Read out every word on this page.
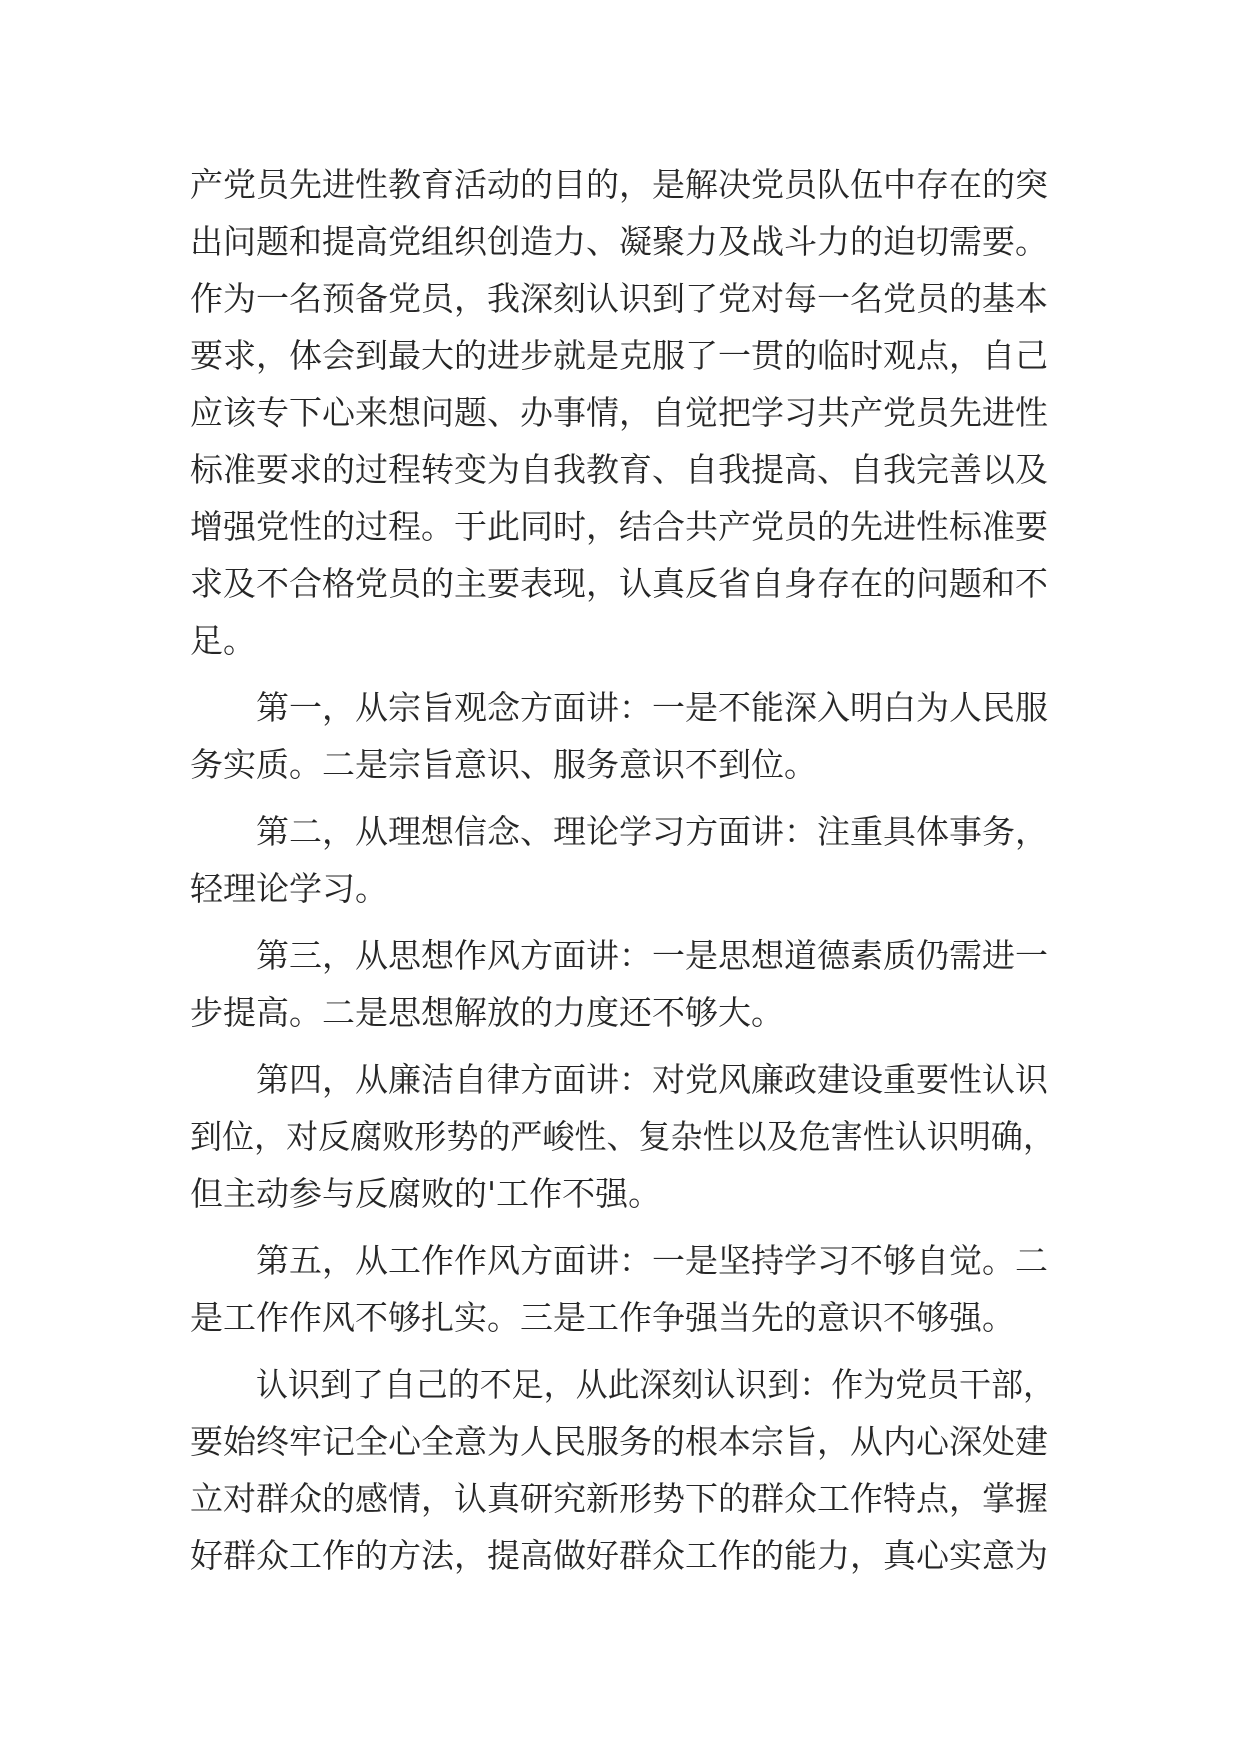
产党员先进性教育活动的目的，是解决党员队伍中存在的突
出问题和提高党组织创造力、凝聚力及战斗力的迫切需要。
作为一名预备党员，我深刻认识到了党对每一名党员的基本
要求，体会到最大的进步就是克服了一贯的临时观点，自己
应该专下心来想问题、办事情，自觉把学习共产党员先进性
标准要求的过程转变为自我教育、自我提高、自我完善以及
增强党性的过程。于此同时，结合共产党员的先进性标准要
求及不合格党员的主要表现，认真反省自身存在的问题和不
足。
第一，从宗旨观念方面讲：一是不能深入明白为人民服
务实质。二是宗旨意识、服务意识不到位。
第二，从理想信念、理论学习方面讲：注重具体事务，
轻理论学习。
第三，从思想作风方面讲：一是思想道德素质仍需进一
步提高。二是思想解放的力度还不够大。
第四，从廉洁自律方面讲：对党风廉政建设重要性认识
到位，对反腐败形势的严峻性、复杂性以及危害性认识明确，
但主动参与反腐败的'工作不强。
第五，从工作作风方面讲：一是坚持学习不够自觉。二
是工作作风不够扎实。三是工作争强当先的意识不够强。
认识到了自己的不足，从此深刻认识到：作为党员干部，
要始终牢记全心全意为人民服务的根本宗旨，从内心深处建
立对群众的感情，认真研究新形势下的群众工作特点，掌握
好群众工作的方法，提高做好群众工作的能力，真心实意为
